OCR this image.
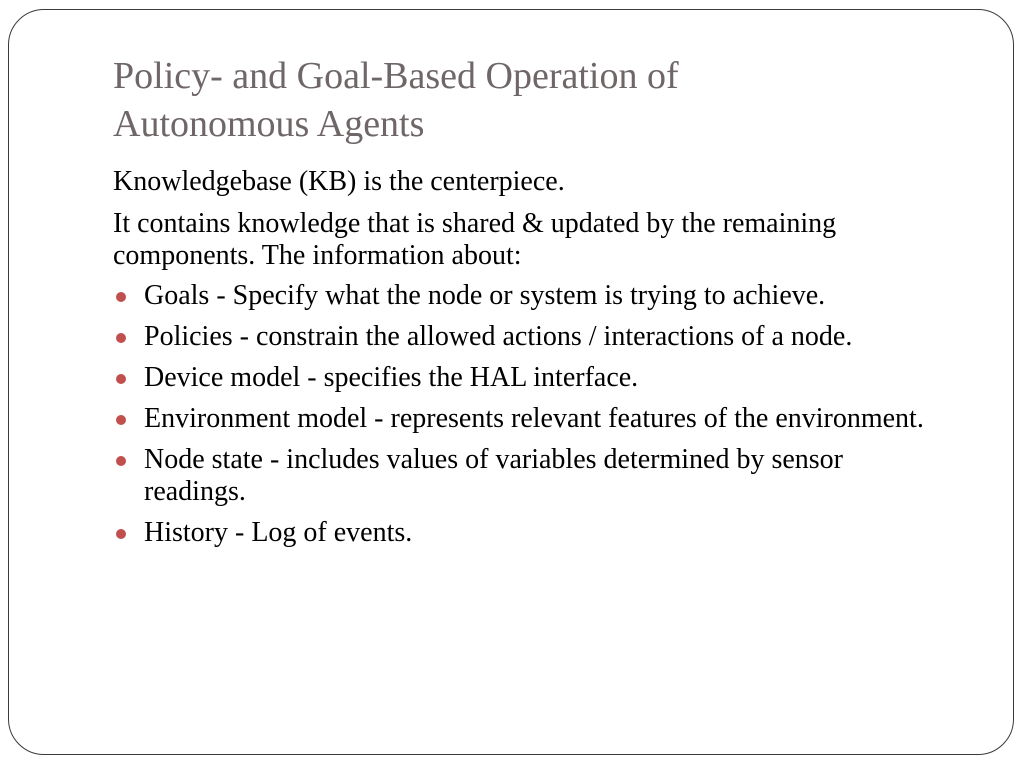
Policy- and Goal-Based Operation of
Autonomous Agents

Knowledgebase (KB) is the centerpiece.

It contains knowledge that is shared & updated by the remaining components. The information about:

Goals - Specify what the node or system is trying to achieve.
Policies - constrain the allowed actions / interactions of a node.
Device model - specifies the HAL interface.
Environment model - represents relevant features of the environment.
Node state - includes values of variables determined by sensor readings.
History - Log of events.
